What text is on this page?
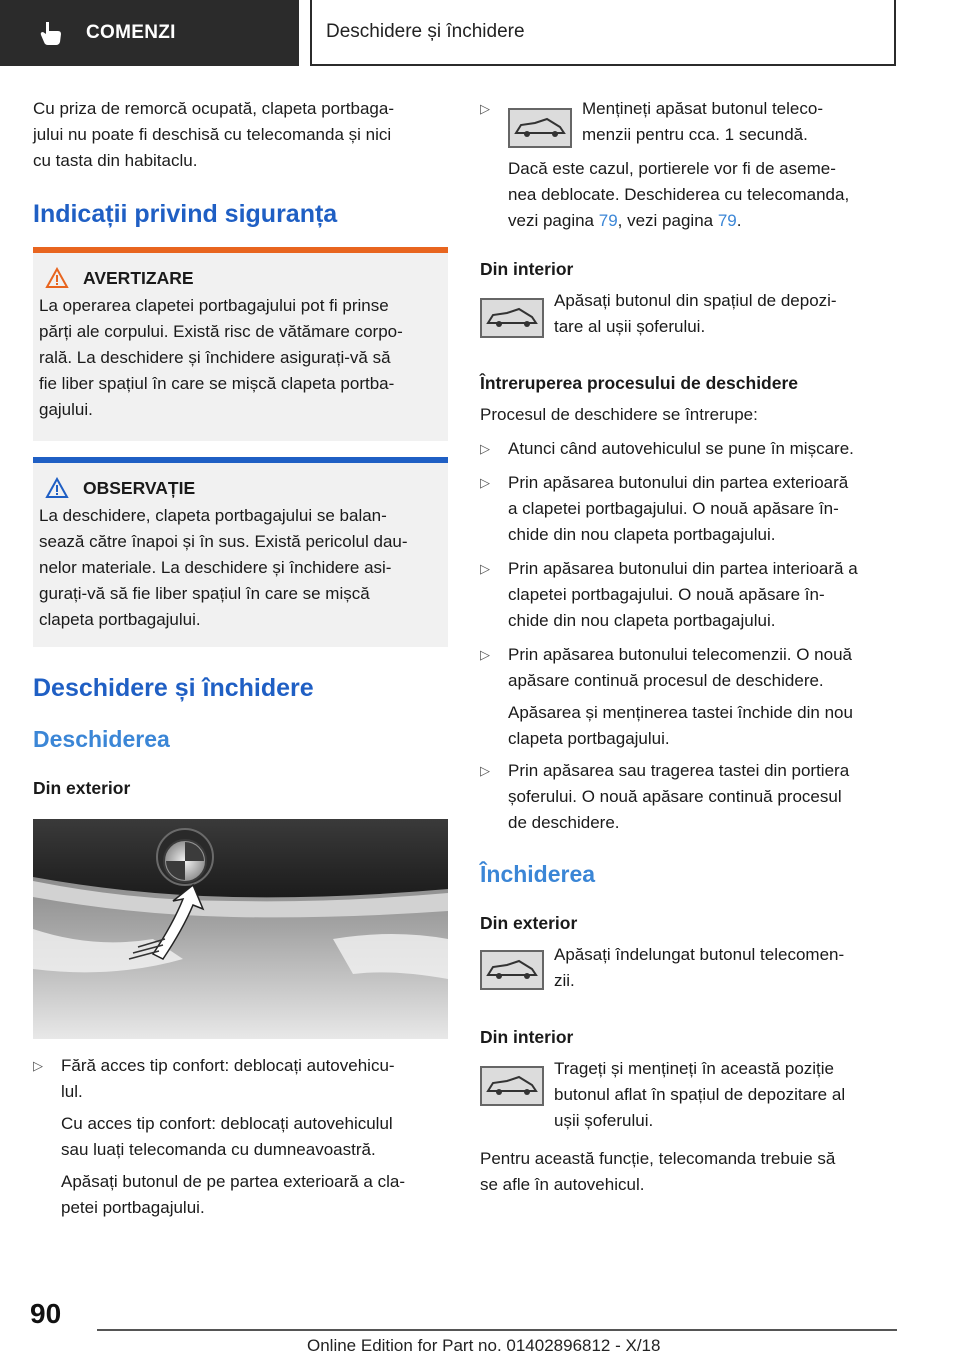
COMENZI	Deschidere și închidere

Cu priza de remorcă ocupată, clapeta portbaga-
jului nu poate fi deschisă cu telecomanda și nici
cu tasta din habitaclu.

Indicații privind siguranța
AVERTIZARE

La operarea clapetei portbagajului pot fi prinse
părți ale corpului. Există risc de vătămare corpo-
rală. La deschidere și închidere asigurați-vă să
fie liber spațiul în care se mișcă clapeta portba-
gajului.

OBSERVAȚIE

La deschidere, clapeta portbagajului se balan-
sează către înapoi și în sus. Există pericolul dau-
nelor materiale. La deschidere și închidere asi-
gurați-vă să fie liber spațiul în care se mișcă
clapeta portbagajului.

Deschidere și închidere
Deschiderea
Din exterior
▷	Fără acces tip confort: deblocați autovehicu-
lul.

Cu acces tip confort: deblocați autovehiculul
sau luați telecomanda cu dumneavoastră.

Apăsați butonul de pe partea exterioară a cla-
petei portbagajului.

▷	Mențineți apăsat butonul teleco-
menzii pentru cca. 1 secundă.

Dacă este cazul, portierele vor fi de aseme-
nea deblocate. Deschiderea cu telecomanda,
vezi pagina 79, vezi pagina 79.

Din interior
Apăsați butonul din spațiul de depozi-
tare al ușii șoferului.
Întreruperea procesului de deschidere

Procesul de deschidere se întrerupe:

▷	Atunci când autovehiculul se pune în mișcare.
▷	Prin apăsarea butonului din partea exterioară
a clapetei portbagajului. O nouă apăsare în-
chide din nou clapeta portbagajului.
▷	Prin apăsarea butonului din partea interioară a
clapetei portbagajului. O nouă apăsare în-
chide din nou clapeta portbagajului.
▷	Prin apăsarea butonului telecomenzii. O nouă
apăsare continuă procesul de deschidere.

Apăsarea și menținerea tastei închide din nou
clapeta portbagajului.

▷	Prin apăsarea sau tragerea tastei din portiera
șoferului. O nouă apăsare continuă procesul
de deschidere.
Închiderea
Din exterior
Apăsați îndelungat butonul telecomen-
zii.
Din interior
Trageți și mențineți în această poziție
butonul aflat în spațiul de depozitare al
ușii șoferului.

Pentru această funcție, telecomanda trebuie să
se afle în autovehicul.

90
Online Edition for Part no. 01402896812 - X/18
